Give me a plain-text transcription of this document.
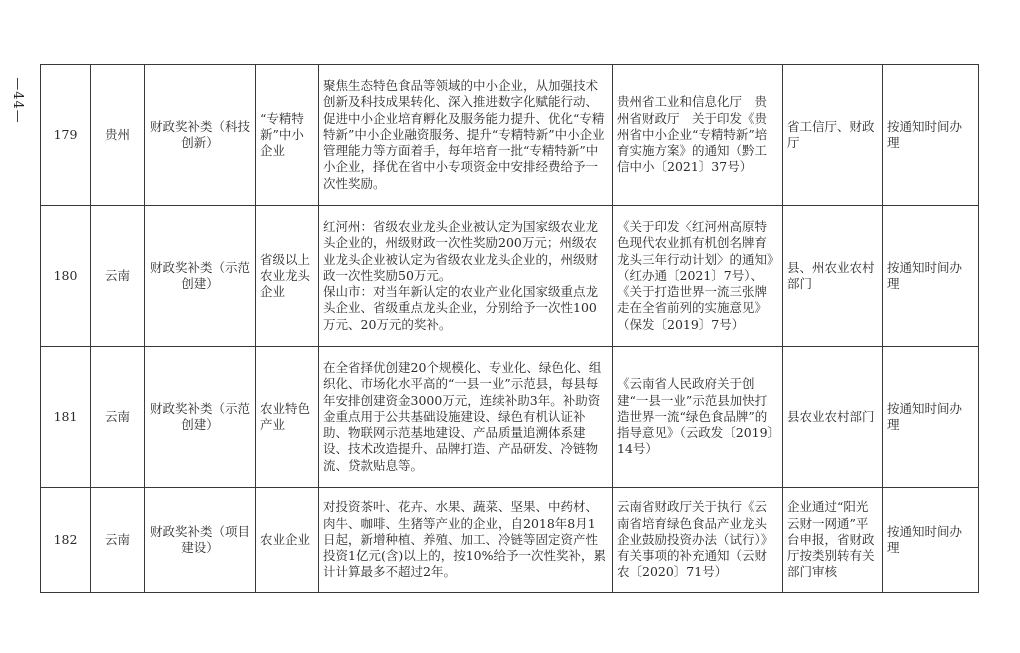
—44—
179	贵州	财政奖补类（科技创新）	“专精特新”中小企业	聚焦生态特色食品等领域的中小企业，从加强技术创新及科技成果转化、深入推进数字化赋能行动、促进中小企业培育孵化及服务能力提升、优化“专精特新”中小企业融资服务、提升“专精特新”中小企业管理能力等方面着手，每年培育一批“专精特新”中小企业，择优在省中小专项资金中安排经费给予一次性奖励。	贵州省工业和信息化厅　贵州省财政厅　关于印发《贵州省中小企业“专精特新”培育实施方案》的通知（黔工信中小〔2021〕37号）	省工信厅、财政厅	按通知时间办理
180	云南	财政奖补类（示范创建）	省级以上农业龙头企业	红河州：省级农业龙头企业被认定为国家级农业龙头企业的，州级财政一次性奖励200万元；州级农业龙头企业被认定为省级农业龙头企业的，州级财政一次性奖励50万元。
保山市：对当年新认定的农业产业化国家级重点龙头企业、省级重点龙头企业，分别给予一次性100万元、20万元的奖补。	《关于印发〈红河州高原特色现代农业抓有机创名牌育龙头三年行动计划〉的通知》（红办通〔2021〕7号）、《关于打造世界一流三张牌走在全省前列的实施意见》（保发〔2019〕7号）	县、州农业农村部门	按通知时间办理
181	云南	财政奖补类（示范创建）	农业特色产业	在全省择优创建20个规模化、专业化、绿色化、组织化、市场化水平高的“一县一业”示范县，每县每年安排创建资金3000万元，连续补助3年。补助资金重点用于公共基础设施建设、绿色有机认证补助、物联网示范基地建设、产品质量追溯体系建设、技术改造提升、品牌打造、产品研发、冷链物流、贷款贴息等。	《云南省人民政府关于创建“一县一业”示范县加快打造世界一流“绿色食品牌”的指导意见》（云政发〔2019〕14号）	县农业农村部门	按通知时间办理
182	云南	财政奖补类（项目建设）	农业企业	对投资茶叶、花卉、水果、蔬菜、坚果、中药材、肉牛、咖啡、生猪等产业的企业，自2018年8月1日起，新增种植、养殖、加工、冷链等固定资产性投资1亿元(含)以上的，按10%给予一次性奖补，累计计算最多不超过2年。	云南省财政厅关于执行《云南省培育绿色食品产业龙头企业鼓励投资办法（试行）》有关事项的补充通知（云财农〔2020〕71号）	企业通过“阳光云财一网通”平台申报，省财政厅按类别转有关部门审核	按通知时间办理
